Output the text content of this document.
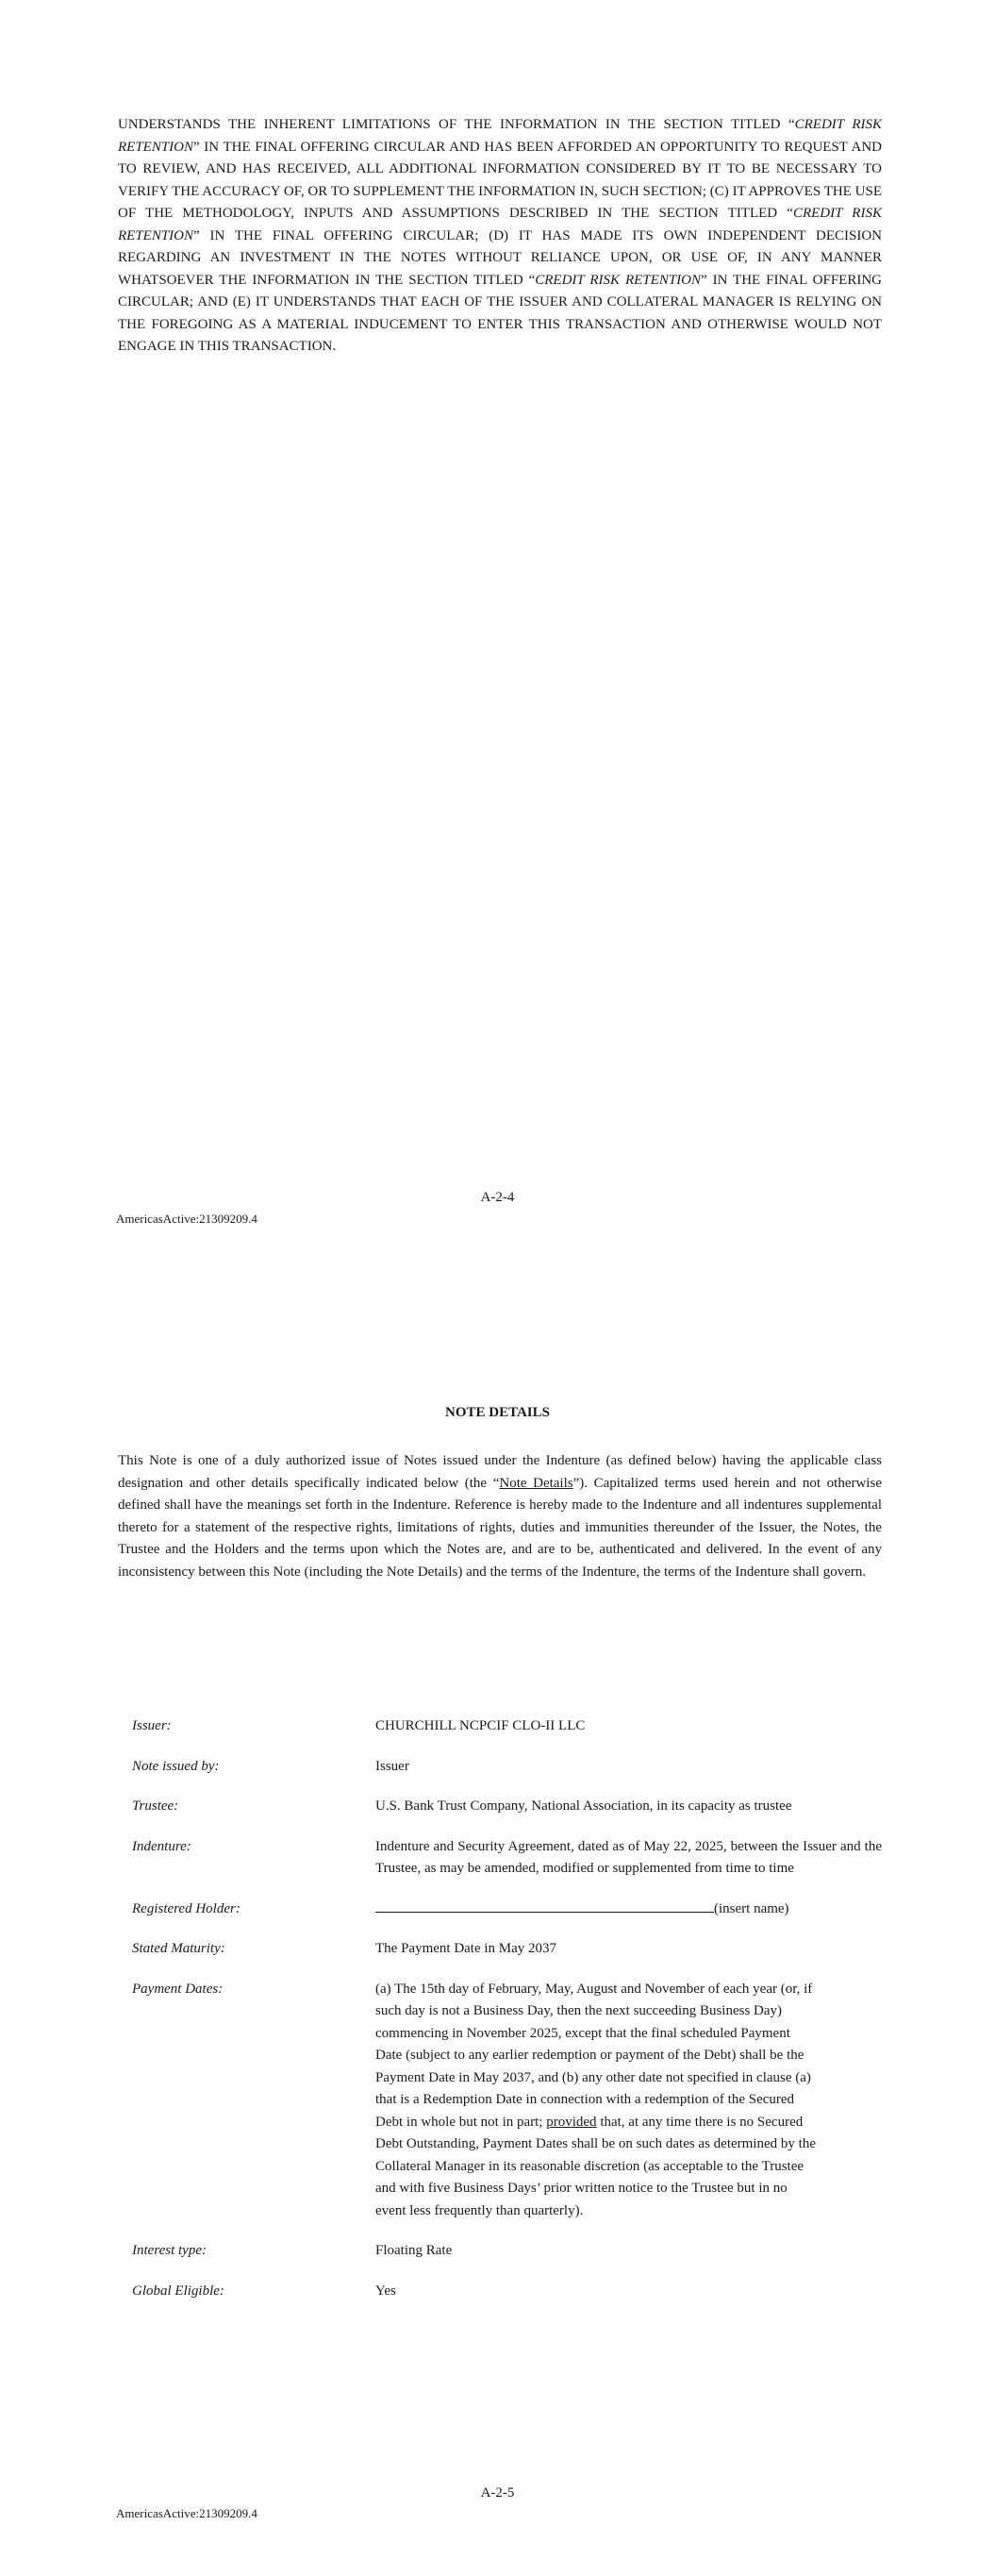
UNDERSTANDS THE INHERENT LIMITATIONS OF THE INFORMATION IN THE SECTION TITLED “CREDIT RISK RETENTION” IN THE FINAL OFFERING CIRCULAR AND HAS BEEN AFFORDED AN OPPORTUNITY TO REQUEST AND TO REVIEW, AND HAS RECEIVED, ALL ADDITIONAL INFORMATION CONSIDERED BY IT TO BE NECESSARY TO VERIFY THE ACCURACY OF, OR TO SUPPLEMENT THE INFORMATION IN, SUCH SECTION; (C) IT APPROVES THE USE OF THE METHODOLOGY, INPUTS AND ASSUMPTIONS DESCRIBED IN THE SECTION TITLED “CREDIT RISK RETENTION” IN THE FINAL OFFERING CIRCULAR; (D) IT HAS MADE ITS OWN INDEPENDENT DECISION REGARDING AN INVESTMENT IN THE NOTES WITHOUT RELIANCE UPON, OR USE OF, IN ANY MANNER WHATSOEVER THE INFORMATION IN THE SECTION TITLED “CREDIT RISK RETENTION” IN THE FINAL OFFERING CIRCULAR; AND (E) IT UNDERSTANDS THAT EACH OF THE ISSUER AND COLLATERAL MANAGER IS RELYING ON THE FOREGOING AS A MATERIAL INDUCEMENT TO ENTER THIS TRANSACTION AND OTHERWISE WOULD NOT ENGAGE IN THIS TRANSACTION.
A-2-4
AmericasActive:21309209.4
NOTE DETAILS
This Note is one of a duly authorized issue of Notes issued under the Indenture (as defined below) having the applicable class designation and other details specifically indicated below (the “Note Details”). Capitalized terms used herein and not otherwise defined shall have the meanings set forth in the Indenture. Reference is hereby made to the Indenture and all indentures supplemental thereto for a statement of the respective rights, limitations of rights, duties and immunities thereunder of the Issuer, the Notes, the Trustee and the Holders and the terms upon which the Notes are, and are to be, authenticated and delivered. In the event of any inconsistency between this Note (including the Note Details) and the terms of the Indenture, the terms of the Indenture shall govern.
Issuer:	CHURCHILL NCPCIF CLO-II LLC
Note issued by:	Issuer
Trustee:	U.S. Bank Trust Company, National Association, in its capacity as trustee
Indenture:	Indenture and Security Agreement, dated as of May 22, 2025, between the Issuer and the Trustee, as may be amended, modified or supplemented from time to time
Registered Holder:	(insert name)
Stated Maturity:	The Payment Date in May 2037
Payment Dates:	(a) The 15th day of February, May, August and November of each year (or, if such day is not a Business Day, then the next succeeding Business Day) commencing in November 2025, except that the final scheduled Payment Date (subject to any earlier redemption or payment of the Debt) shall be the Payment Date in May 2037, and (b) any other date not specified in clause (a) that is a Redemption Date in connection with a redemption of the Secured Debt in whole but not in part; provided that, at any time there is no Secured Debt Outstanding, Payment Dates shall be on such dates as determined by the Collateral Manager in its reasonable discretion (as acceptable to the Trustee and with five Business Days’ prior written notice to the Trustee but in no event less frequently than quarterly).
Interest type:	Floating Rate
Global Eligible:	Yes
A-2-5
AmericasActive:21309209.4
